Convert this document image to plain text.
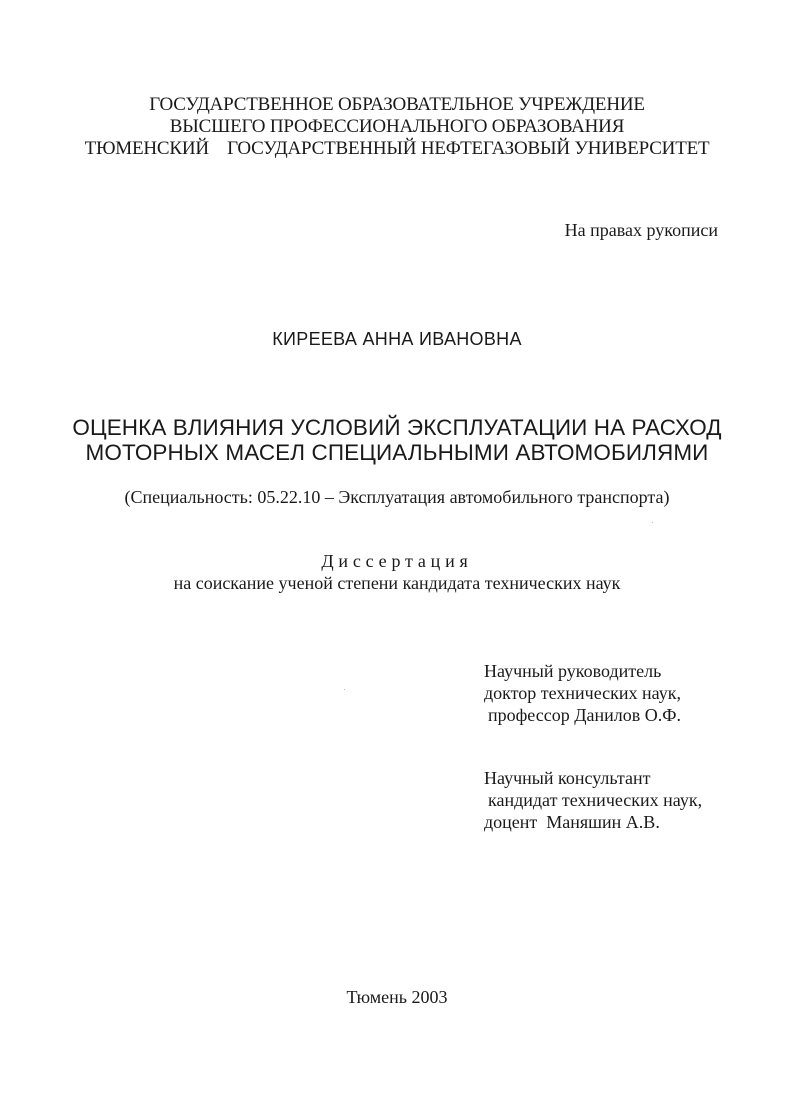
ГОСУДАРСТВЕННОЕ ОБРАЗОВАТЕЛЬНОЕ УЧРЕЖДЕНИЕ
ВЫСШЕГО ПРОФЕССИОНАЛЬНОГО ОБРАЗОВАНИЯ
ТЮМЕНСКИЙ    ГОСУДАРСТВЕННЫЙ НЕФТЕГАЗОВЫЙ УНИВЕРСИТЕТ
На правах рукописи
КИРЕЕВА АННА ИВАНОВНА
ОЦЕНКА ВЛИЯНИЯ УСЛОВИЙ ЭКСПЛУАТАЦИИ НА РАСХОД
МОТОРНЫХ МАСЕЛ СПЕЦИАЛЬНЫМИ АВТОМОБИЛЯМИ
(Специальность: 05.22.10 – Эксплуатация автомобильного транспорта)
Диссертация
на соискание ученой степени кандидата технических наук
Научный руководитель
доктор технических наук,
профессор Данилов О.Ф.
Научный консультант
кандидат технических наук,
доцент  Маняшин А.В.
Тюмень 2003
